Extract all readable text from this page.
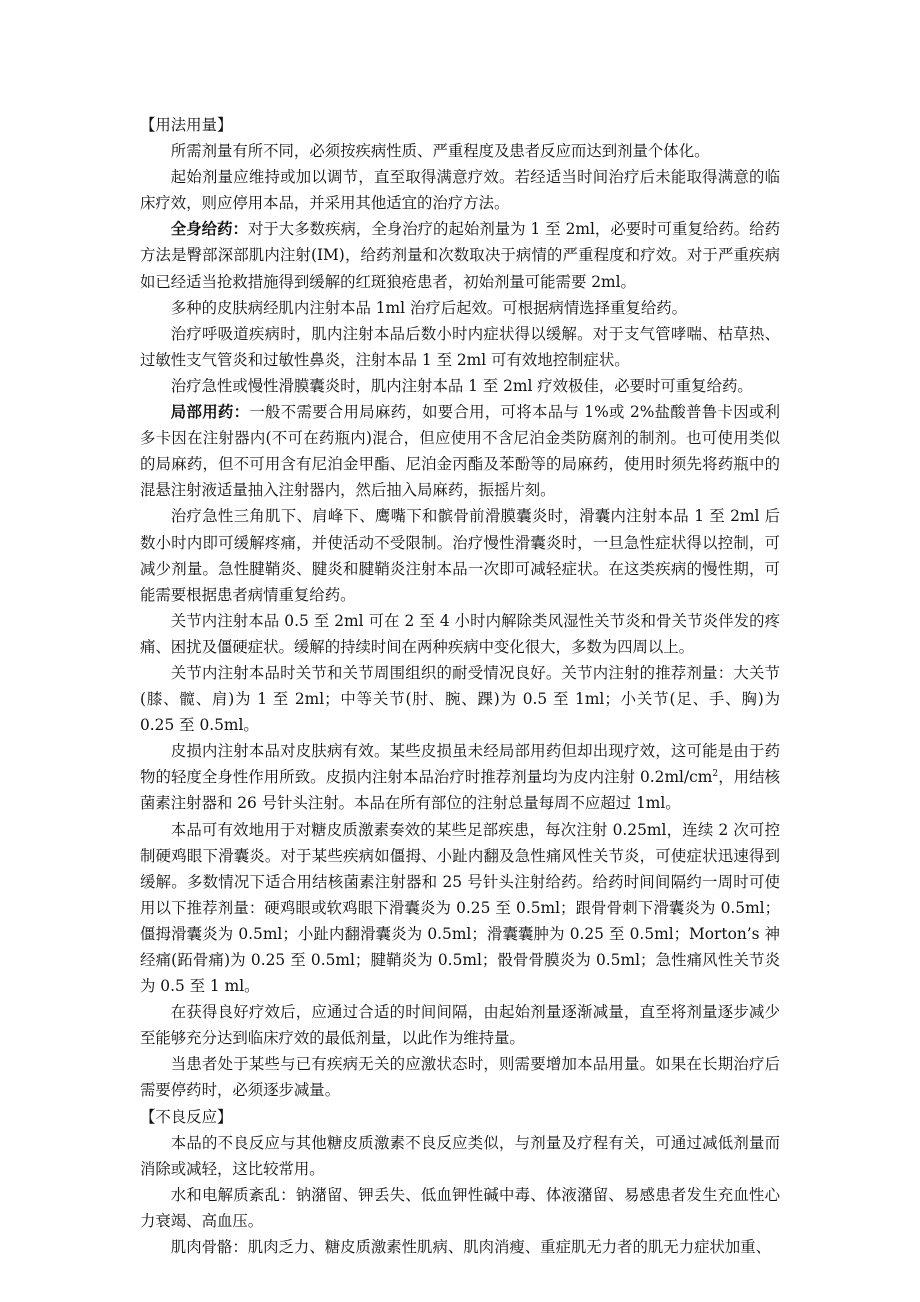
【用法用量】

所需剂量有所不同，必须按疾病性质、严重程度及患者反应而达到剂量个体化。

起始剂量应维持或加以调节，直至取得满意疗效。若经适当时间治疗后未能取得满意的临床疗效，则应停用本品，并采用其他适宜的治疗方法。

全身给药：对于大多数疾病，全身治疗的起始剂量为 1 至 2ml，必要时可重复给药。给药方法是臀部深部肌内注射(IM)，给药剂量和次数取决于病情的严重程度和疗效。对于严重疾病如已经适当抢救措施得到缓解的红斑狼疮患者，初始剂量可能需要 2ml。

多种的皮肤病经肌内注射本品 1ml 治疗后起效。可根据病情选择重复给药。

治疗呼吸道疾病时，肌内注射本品后数小时内症状得以缓解。对于支气管哮喘、枯草热、过敏性支气管炎和过敏性鼻炎，注射本品 1 至 2ml 可有效地控制症状。

治疗急性或慢性滑膜囊炎时，肌内注射本品 1 至 2ml 疗效极佳，必要时可重复给药。

局部用药：一般不需要合用局麻药，如要合用，可将本品与 1%或 2%盐酸普鲁卡因或利多卡因在注射器内(不可在药瓶内)混合，但应使用不含尼泊金类防腐剂的制剂。也可使用类似的局麻药，但不可用含有尼泊金甲酯、尼泊金丙酯及苯酚等的局麻药，使用时须先将药瓶中的混悬注射液适量抽入注射器内，然后抽入局麻药，振摇片刻。

治疗急性三角肌下、肩峰下、鹰嘴下和髌骨前滑膜囊炎时，滑囊内注射本品 1 至 2ml 后数小时内即可缓解疼痛，并使活动不受限制。治疗慢性滑囊炎时，一旦急性症状得以控制，可减少剂量。急性腱鞘炎、腱炎和腱鞘炎注射本品一次即可减轻症状。在这类疾病的慢性期，可能需要根据患者病情重复给药。

关节内注射本品 0.5 至 2ml 可在 2 至 4 小时内解除类风湿性关节炎和骨关节炎伴发的疼痛、困扰及僵硬症状。缓解的持续时间在两种疾病中变化很大，多数为四周以上。

关节内注射本品时关节和关节周围组织的耐受情况良好。关节内注射的推荐剂量：大关节(膝、髋、肩)为 1 至 2ml；中等关节(肘、腕、踝)为 0.5 至 1ml；小关节(足、手、胸)为 0.25 至 0.5ml。

皮损内注射本品对皮肤病有效。某些皮损虽未经局部用药但却出现疗效，这可能是由于药物的轻度全身性作用所致。皮损内注射本品治疗时推荐剂量均为皮内注射 $0.2ml/cm^2$，用结核菌素注射器和 26 号针头注射。本品在所有部位的注射总量每周不应超过 1ml。

本品可有效地用于对糖皮质激素奏效的某些足部疾患，每次注射 0.25ml，连续 2 次可控制硬鸡眼下滑囊炎。对于某些疾病如僵拇、小趾内翻及急性痛风性关节炎，可使症状迅速得到缓解。多数情况下适合用结核菌素注射器和 25 号针头注射给药。给药时间间隔约一周时可使用以下推荐剂量：硬鸡眼或软鸡眼下滑囊炎为 0.25 至 0.5ml；跟骨骨刺下滑囊炎为 0.5ml；僵拇滑囊炎为 0.5ml；小趾内翻滑囊炎为 0.5ml；滑囊囊肿为 0.25 至 0.5ml；Morton’s 神经痛(跖骨痛)为 0.25 至 0.5ml；腱鞘炎为 0.5ml；骰骨骨膜炎为 0.5ml；急性痛风性关节炎为 0.5 至 1 ml。

在获得良好疗效后，应通过合适的时间间隔，由起始剂量逐渐减量，直至将剂量逐步减少至能够充分达到临床疗效的最低剂量，以此作为维持量。

当患者处于某些与已有疾病无关的应激状态时，则需要增加本品用量。如果在长期治疗后需要停药时，必须逐步减量。

【不良反应】

本品的不良反应与其他糖皮质激素不良反应类似，与剂量及疗程有关，可通过减低剂量而消除或减轻，这比较常用。

水和电解质紊乱：钠潴留、钾丢失、低血钾性碱中毒、体液潴留、易感患者发生充血性心力衰竭、高血压。

肌肉骨骼：肌肉乏力、糖皮质激素性肌病、肌肉消瘦、重症肌无力者的肌无力症状加重、
